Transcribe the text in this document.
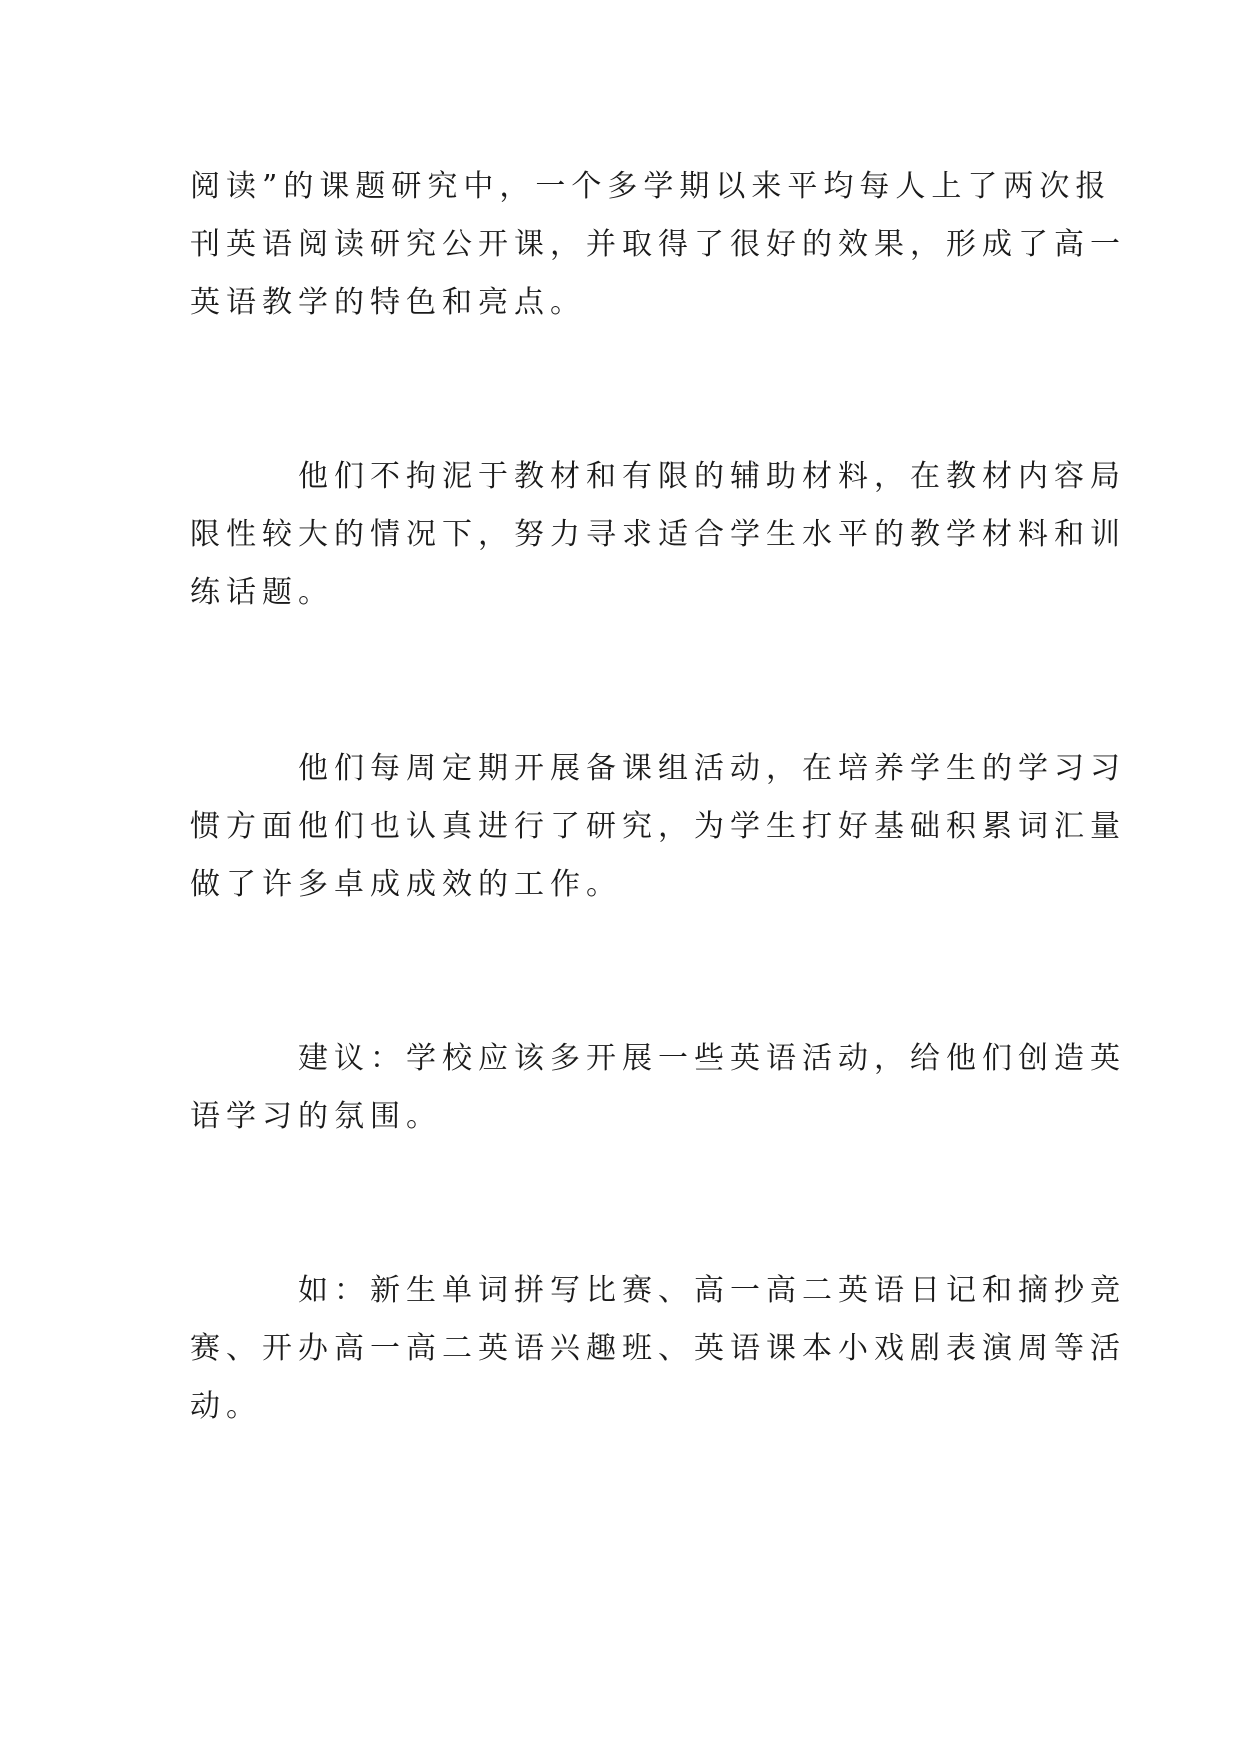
阅读”的课题研究中，一个多学期以来平均每人上了两次报
刊英语阅读研究公开课，并取得了很好的效果，形成了高一
英语教学的特色和亮点。

　　　他们不拘泥于教材和有限的辅助材料，在教材内容局
限性较大的情况下，努力寻求适合学生水平的教学材料和训
练话题。

　　　他们每周定期开展备课组活动，在培养学生的学习习
惯方面他们也认真进行了研究，为学生打好基础积累词汇量
做了许多卓成成效的工作。

　　　建议：学校应该多开展一些英语活动，给他们创造英
语学习的氛围。

　　　如：新生单词拼写比赛、高一高二英语日记和摘抄竞
赛、开办高一高二英语兴趣班、英语课本小戏剧表演周等活
动。
